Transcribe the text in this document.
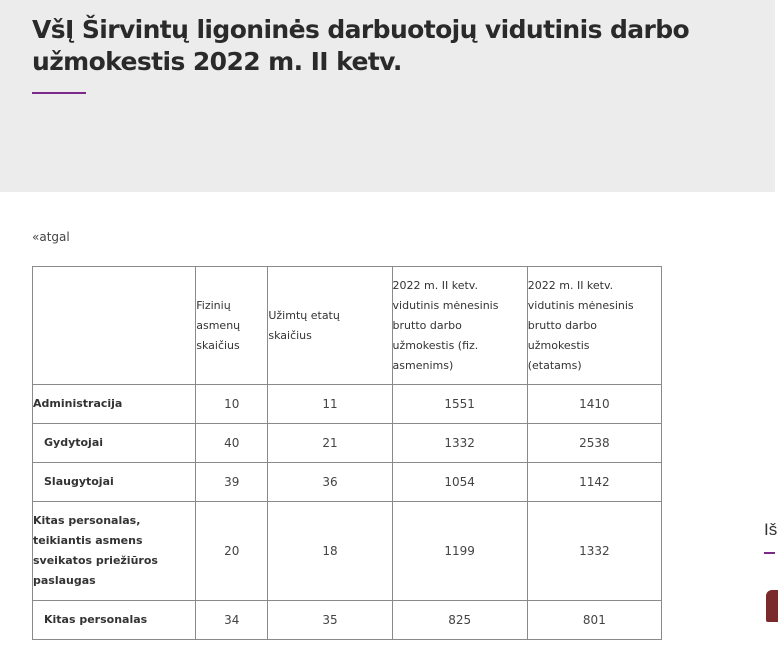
VšĮ Širvintų ligoninės darbuotojų vidutinis darbo užmokestis 2022 m. II ketv.
«atgal

	Fizinių
asmenų
skaičius	Užimtų etatų
skaičius	2022 m. II ketv.
vidutinis mėnesinis
brutto darbo
užmokestis (fiz.
asmenims)	2022 m. II ketv.
vidutinis mėnesinis
brutto darbo
užmokestis
(etatams)

Administracija	10	11	1551	1410
Gydytojai	40	21	1332	2538
Slaugytojai	39	36	1054	1142

Kitas personalas,
teikiantis asmens
sveikatos priežiūros
paslaugas	20	18	1199	1332
Kitas personalas	34	35	825	801
Iš
